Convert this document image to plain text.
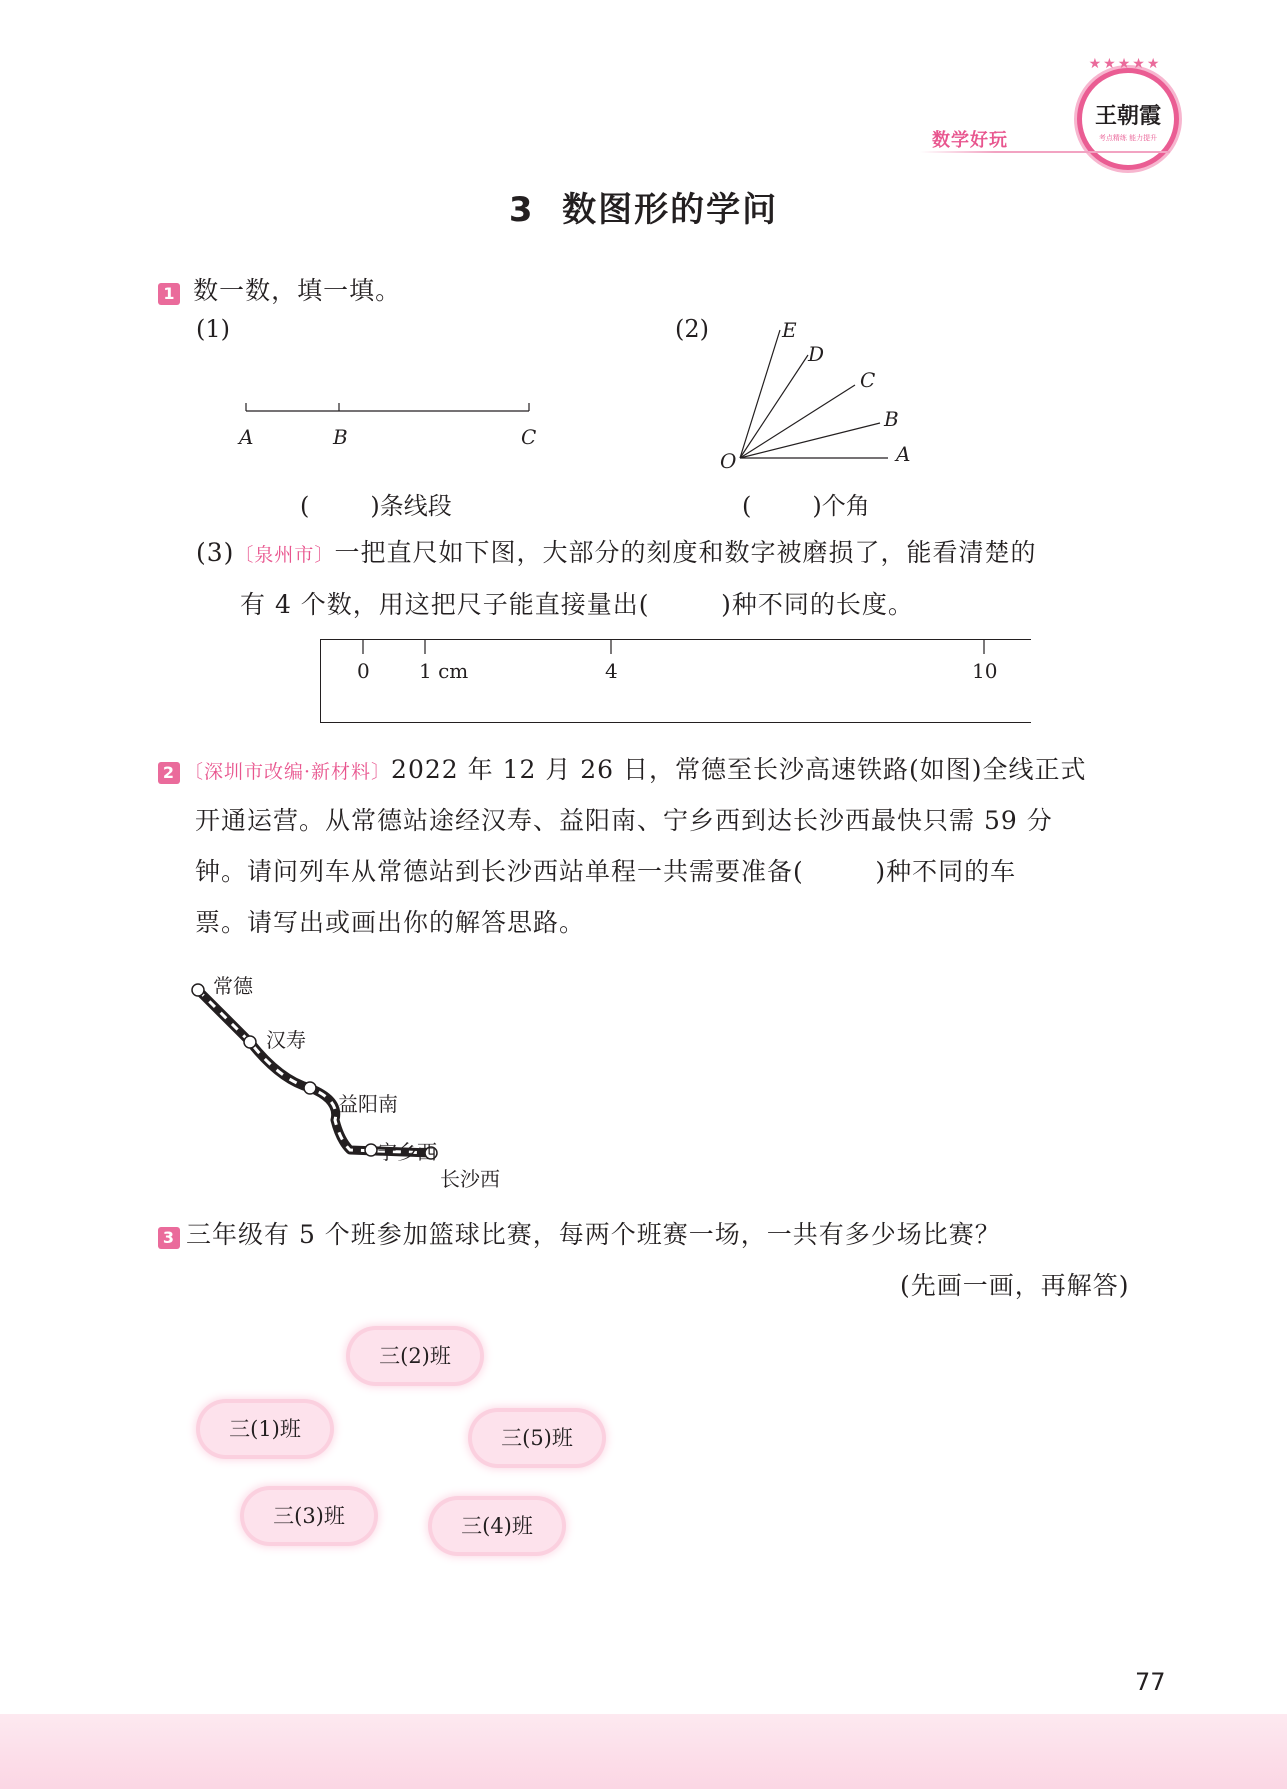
王朝霞
考点精练 能力提升
★★★★★
数学好玩
3  数图形的学问
1 数一数，填一填。
(1)
A	B	C
(        )条线段
(2)	E
D
C
B
A
O
(        )个角
(3)〔泉州市〕一把直尺如下图，大部分的刻度和数字被磨损了，能看清楚的
有 4 个数，用这把尺子能直接量出(        )种不同的长度。
0 1 cm	4	10
2 〔深圳市改编·新材料〕2022 年 12 月 26 日，常德至长沙高速铁路(如图)全线正式
开通运营。从常德站途经汉寿、益阳南、宁乡西到达长沙西最快只需 59 分
钟。请问列车从常德站到长沙西站单程一共需要准备(        )种不同的车
票。请写出或画出你的解答思路。
常德
汉寿
益阳南
宁乡西
长沙西
3 三年级有 5 个班参加篮球比赛，每两个班赛一场，一共有多少场比赛？
(先画一画，再解答)
三(2)班
三(1)班	三(5)班
三(3)班	三(4)班
77
